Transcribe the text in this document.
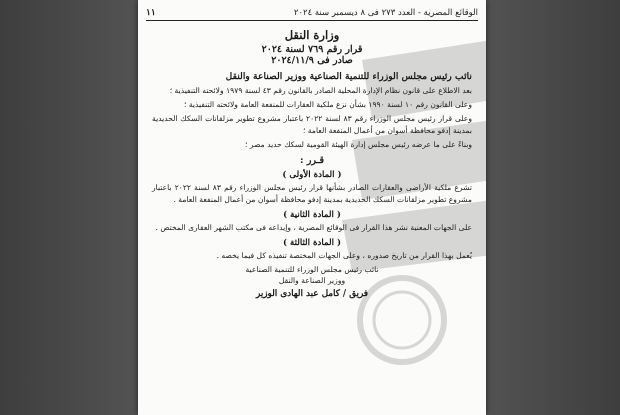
١١	الوقائع المصرية - العدد ٢٧٣ فى ٨ ديسمبر سنة ٢٠٢٤

وزارة النقل

قرار رقم ٧٦٩ لسنة ٢٠٢٤

صادر فى ٢٠٢٤/١١/٩

نائب رئيس مجلس الوزراء للتنمية الصناعية ووزير الصناعة والنقل

بعد الاطلاع على قانون نظام الإدارة المحلية الصادر بالقانون رقم ٤٣ لسنة ١٩٧٩ ولائحته التنفيذية ؛

وعلى القانون رقم ١٠ لسنة ١٩٩٠ بشأن نزع ملكية العقارات للمنفعة العامة ولائحته التنفيذية ؛

وعلى قرار رئيس مجلس الوزراء رقم ٨٣ لسنة ٢٠٢٢ باعتبار مشروع تطوير مزلقانات السكك الحديدية بمدينة إدفو محافظة أسوان من أعمال المنفعة العامة ؛

وبناءً على ما عرضه رئيس مجلس إدارة الهيئة القومية لسكك حديد مصر ؛

قـرر :

( المادة الأولى )

تشرع ملكية الأراضى والعقارات الصادر بشأنها قرار رئيس مجلس الوزراء رقم ٨٣ لسنة ٢٠٢٢ باعتبار مشروع تطوير مزلقانات السكك الحديدية بمدينة إدفو محافظة أسوان من أعمال المنفعة العامة .

( المادة الثانية )

على الجهات المعنية نشر هذا القرار فى الوقائع المصرية ، وإيداعه فى مكتب الشهر العقارى المختص .

( المادة الثالثة )

يُعمل بهذا القرار من تاريخ صدوره ، وعلى الجهات المختصة تنفيذه كل فيما يخصه .

نائب رئيس مجلس الوزراء للتنمية الصناعية

ووزير الصناعة والنقل

فريق / كامل عبد الهادى الوزير
